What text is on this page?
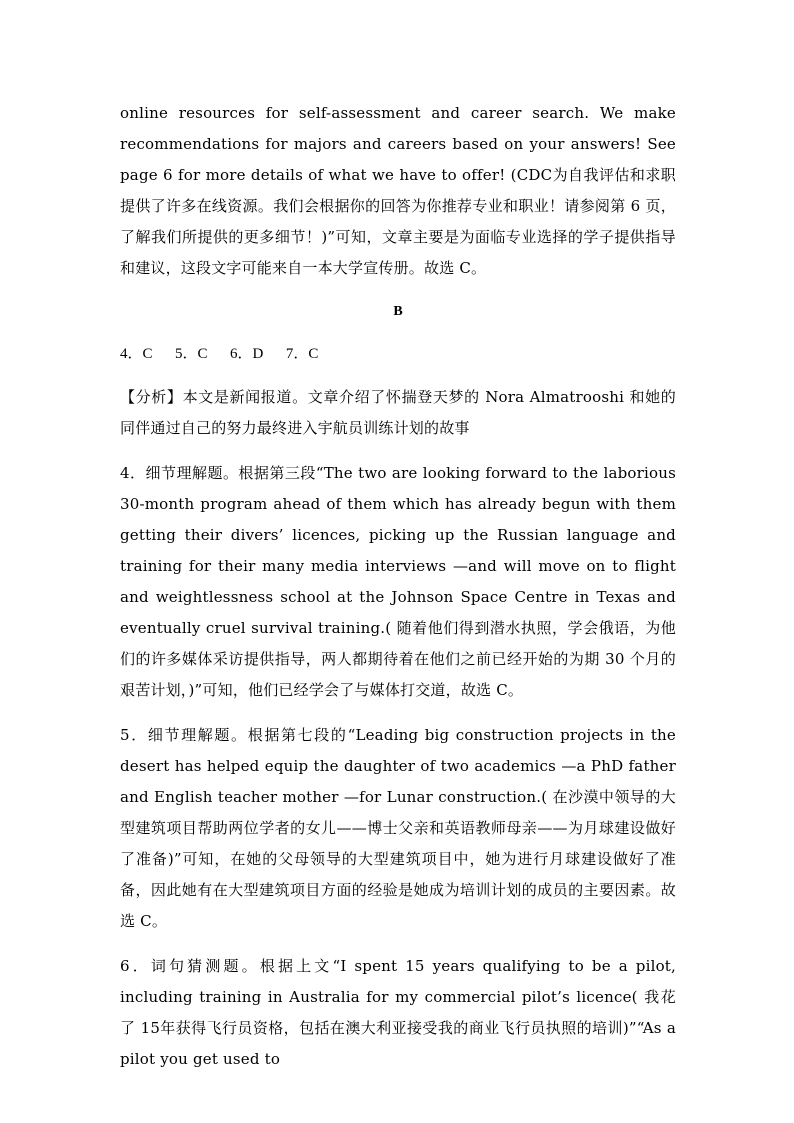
online resources for self-assessment and career search. We make recommendations for majors and careers based on your answers! See page 6 for more details of what we have to offer! (CDC为自我评估和求职提供了许多在线资源。我们会根据你的回答为你推荐专业和职业！请参阅第 6 页，了解我们所提供的更多细节！)”可知，文章主要是为面临专业选择的学子提供指导和建议，这段文字可能来自一本大学宣传册。故选 C。

B
4．C      5．C      6．D      7．C

【分析】本文是新闻报道。文章介绍了怀揣登天梦的 Nora Almatrooshi 和她的同伴通过自己的努力最终进入宇航员训练计划的故事

4．细节理解题。根据第三段“The two are looking forward to the laborious 30-month program ahead of them which has already begun with them getting their divers’ licences, picking up the Russian language and training for their many media interviews —and will move on to flight and weightlessness school at the Johnson Space Centre in Texas and eventually cruel survival training.( 随着他们得到潜水执照，学会俄语，为他们的许多媒体采访提供指导，两人都期待着在他们之前已经开始的为期 30 个月的艰苦计划，)”可知，他们已经学会了与媒体打交道，故选 C。

5．细节理解题。根据第七段的“Leading big construction projects in the desert has helped equip the daughter of two academics —a PhD father and English teacher mother —for Lunar construction.( 在沙漠中领导的大型建筑项目帮助两位学者的女儿——博士父亲和英语教师母亲——为月球建设做好了准备)”可知，在她的父母领导的大型建筑项目中，她为进行月球建设做好了准备，因此她有在大型建筑项目方面的经验是她成为培训计划的成员的主要因素。故选 C。

6．词句猜测题。根据上文“I spent 15 years qualifying to be a pilot, including training in Australia for my commercial pilot’s licence( 我花了 15年获得飞行员资格，包括在澳大利亚接受我的商业飞行员执照的培训)”“As a pilot you get used to
